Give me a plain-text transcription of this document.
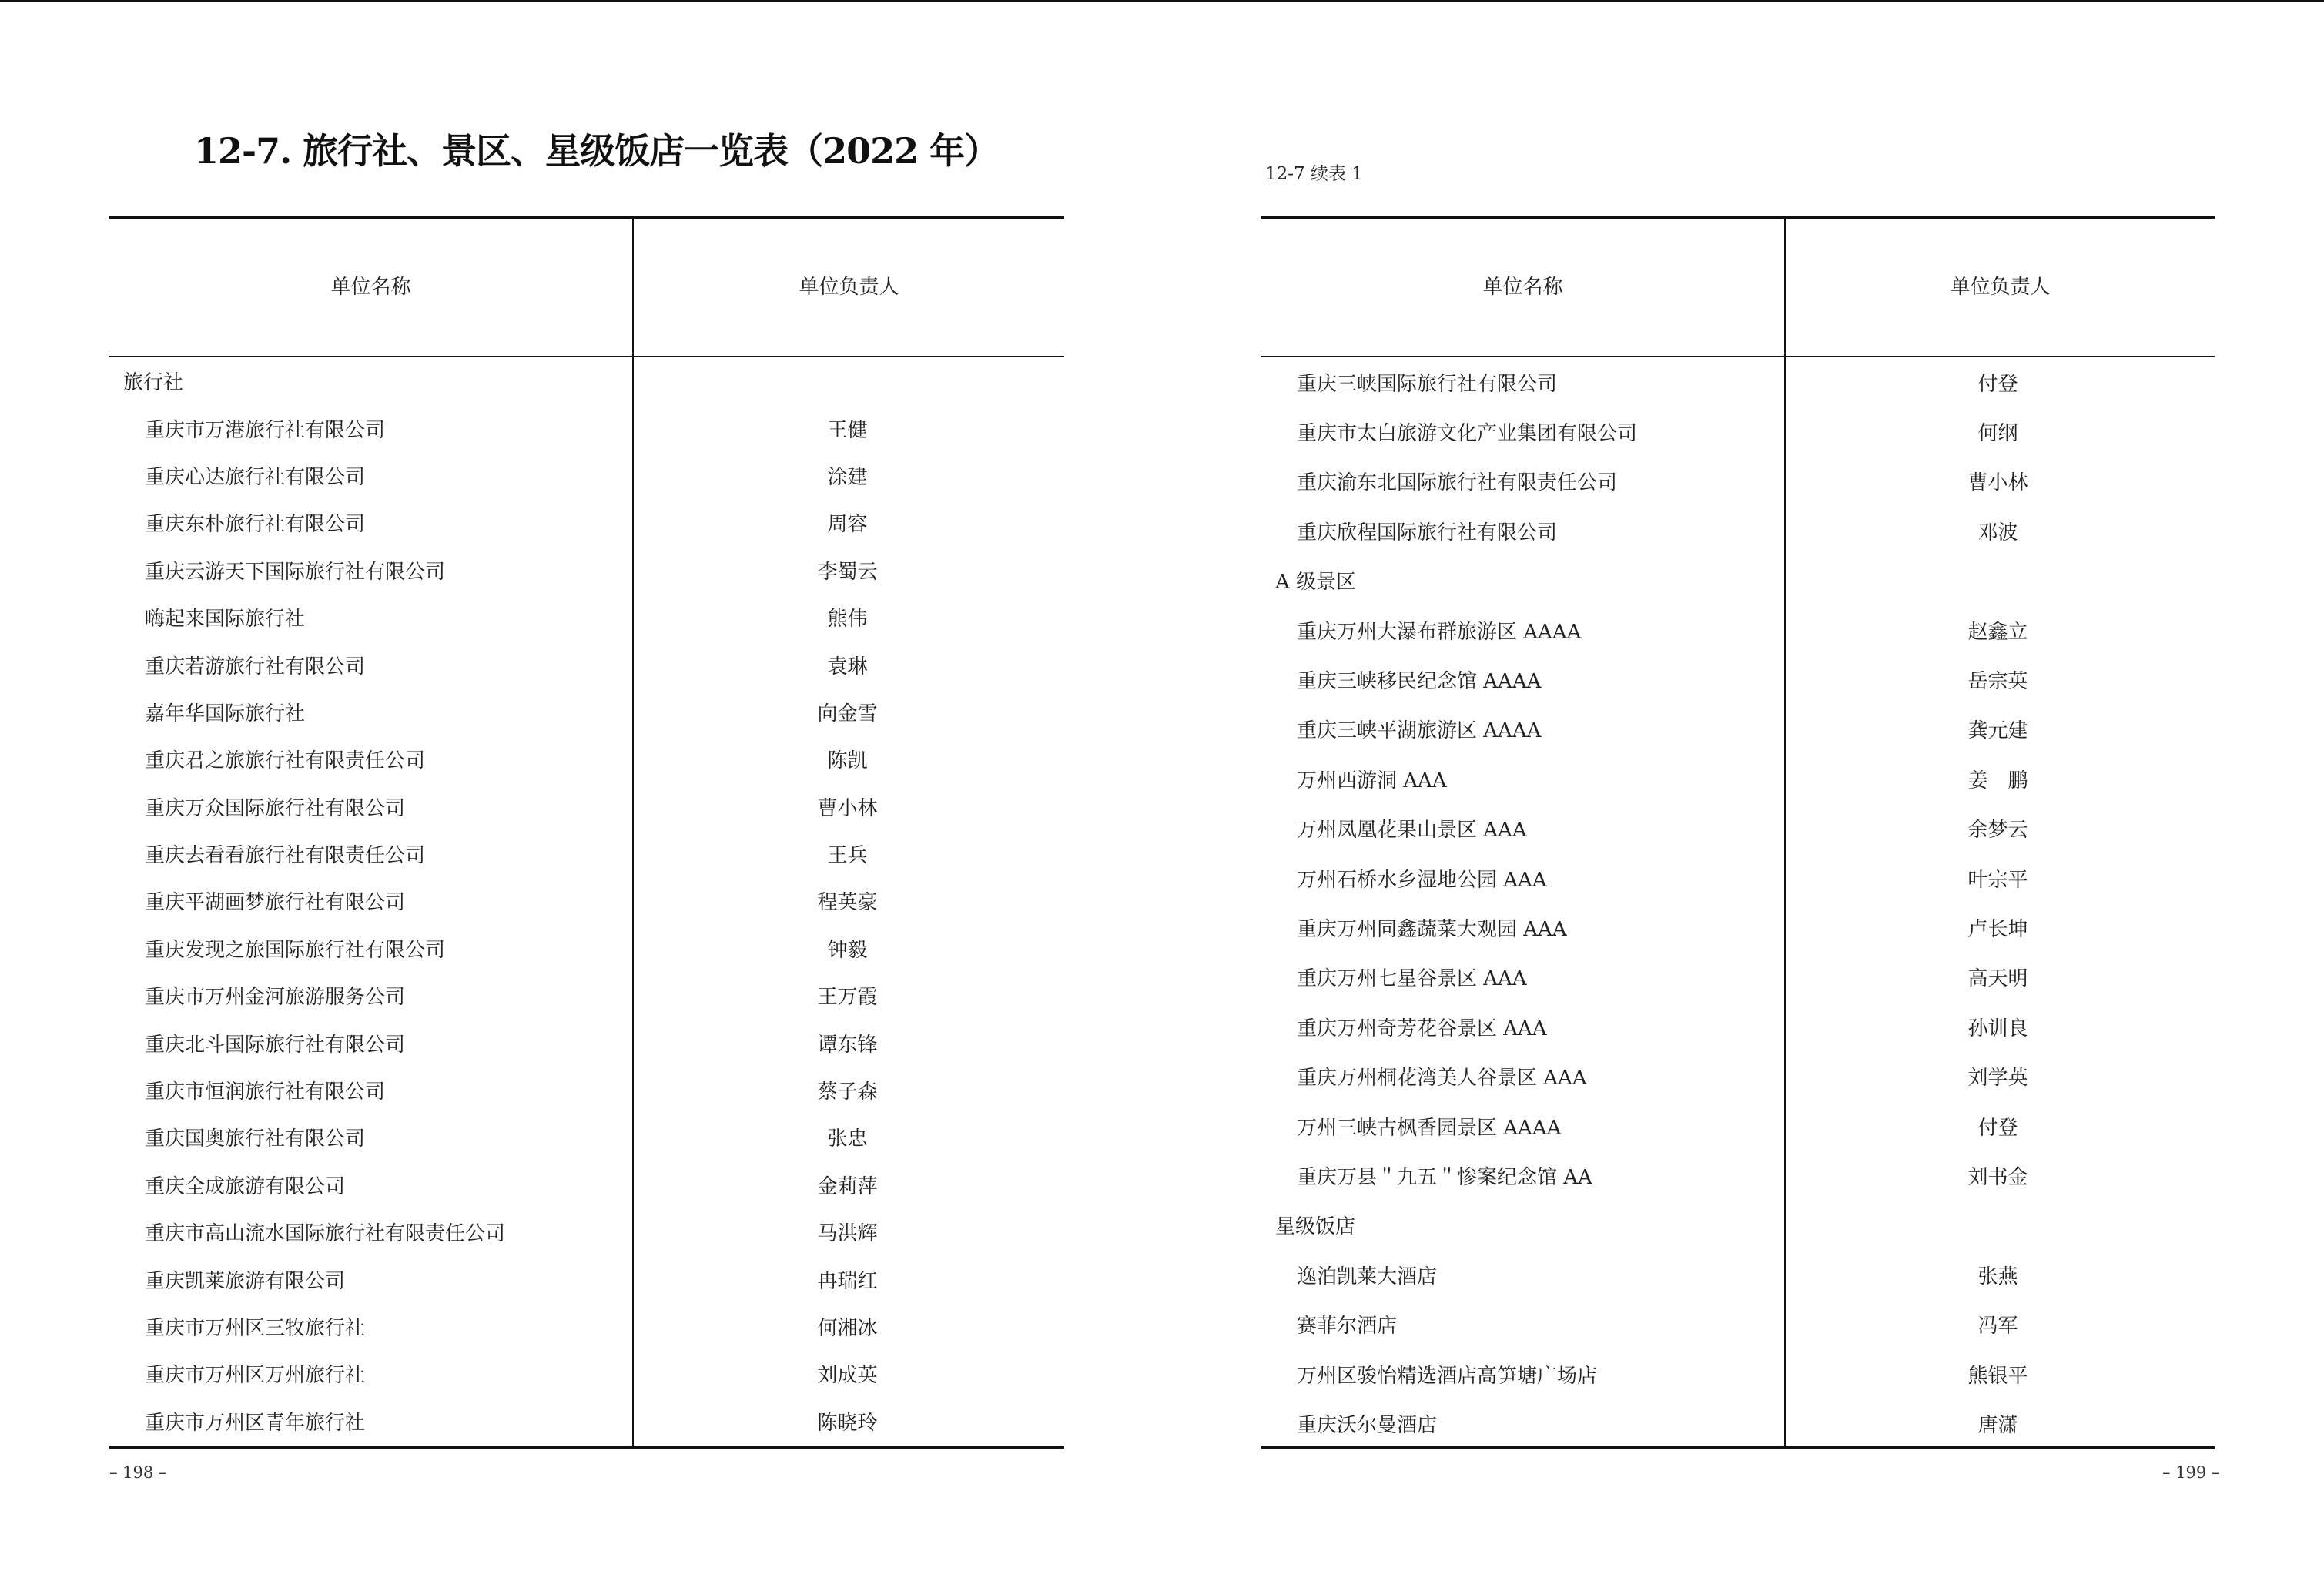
12-7. 旅行社、景区、星级饭店一览表（2022 年）
12-7 续表 1
单位名称	单位负责人
旅行社
重庆市万港旅行社有限公司	王健
重庆心达旅行社有限公司	涂建
重庆东朴旅行社有限公司	周容
重庆云游天下国际旅行社有限公司	李蜀云
嗨起来国际旅行社	熊伟
重庆若游旅行社有限公司	袁琳
嘉年华国际旅行社	向金雪
重庆君之旅旅行社有限责任公司	陈凯
重庆万众国际旅行社有限公司	曹小林
重庆去看看旅行社有限责任公司	王兵
重庆平湖画梦旅行社有限公司	程英豪
重庆发现之旅国际旅行社有限公司	钟毅
重庆市万州金河旅游服务公司	王万霞
重庆北斗国际旅行社有限公司	谭东锋
重庆市恒润旅行社有限公司	蔡子森
重庆国奥旅行社有限公司	张忠
重庆全成旅游有限公司	金莉萍
重庆市高山流水国际旅行社有限责任公司	马洪辉
重庆凯莱旅游有限公司	冉瑞红
重庆市万州区三牧旅行社	何湘冰
重庆市万州区万州旅行社	刘成英
重庆市万州区青年旅行社	陈晓玲
单位名称	单位负责人
重庆三峡国际旅行社有限公司	付登
重庆市太白旅游文化产业集团有限公司	何纲
重庆渝东北国际旅行社有限责任公司	曹小林
重庆欣程国际旅行社有限公司	邓波
A 级景区
重庆万州大瀑布群旅游区 AAAA	赵鑫立
重庆三峡移民纪念馆 AAAA	岳宗英
重庆三峡平湖旅游区 AAAA	龚元建
万州西游洞 AAA	姜　鹏
万州凤凰花果山景区 AAA	余梦云
万州石桥水乡湿地公园 AAA	叶宗平
重庆万州同鑫蔬菜大观园 AAA	卢长坤
重庆万州七星谷景区 AAA	高天明
重庆万州奇芳花谷景区 AAA	孙训良
重庆万州桐花湾美人谷景区 AAA	刘学英
万州三峡古枫香园景区 AAAA	付登
重庆万县＂九五＂惨案纪念馆 AA	刘书金
星级饭店
逸泊凯莱大酒店	张燕
赛菲尔酒店	冯军
万州区骏怡精选酒店高笋塘广场店	熊银平
重庆沃尔曼酒店	唐潇
– 198 –	– 199 –
